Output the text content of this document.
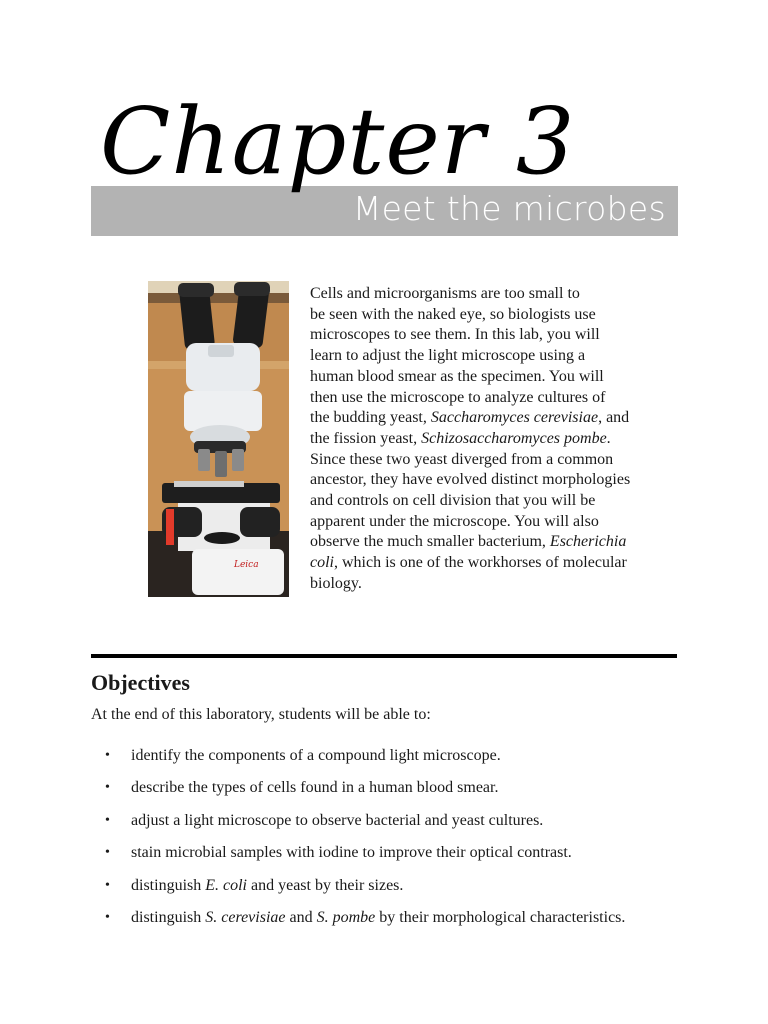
Meet the microbes
Chapter 3
Leica
Cells and microorganisms are too small to
be seen with the naked eye, so biologists use
microscopes to see them. In this lab, you will
learn to adjust the light microscope using a
human blood smear as the specimen. You will
then use the microscope to analyze cultures of
the budding yeast, Saccharomyces cerevisiae, and
the fission yeast, Schizosaccharomyces pombe.
Since these two yeast diverged from a common
ancestor, they have evolved distinct morphologies
and controls on cell division that you will be
apparent under the microscope. You will also
observe the much smaller bacterium, Escherichia
coli, which is one of the workhorses of molecular
biology.
Objectives
At the end of this laboratory, students will be able to:
• identify the components of a compound light microscope.
• describe the types of cells found in a human blood smear.
• adjust a light microscope to observe bacterial and yeast cultures.
• stain microbial samples with iodine to improve their optical contrast.
• distinguish E. coli and yeast by their sizes.
• distinguish S. cerevisiae and S. pombe by their morphological characteristics.
